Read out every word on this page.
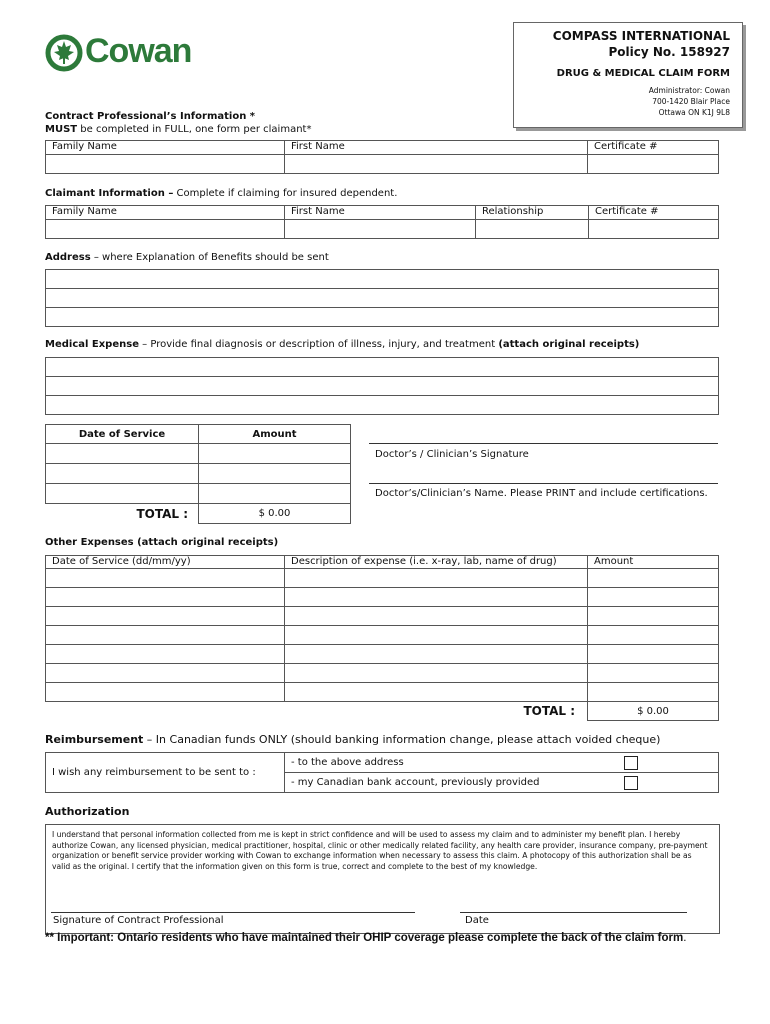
Cowan	COMPASS INTERNATIONAL
Policy No. 158927
DRUG & MEDICAL CLAIM FORM
Administrator: Cowan
700-1420 Blair Place
Ottawa ON K1J 9L8
Contract Professional’s Information *
MUST be completed in FULL, one form per claimant*
Family Name	First Name	Certificate #

Claimant Information – Complete if claiming for insured dependent.
Family Name	First Name	Relationship	Certificate #

Address – where Explanation of Benefits should be sent

Medical Expense – Provide final diagnosis or description of illness, injury, and treatment (attach original receipts)

Date of Service	Amount

TOTAL :	$ 0.00
Doctor’s / Clinician’s Signature
Doctor’s/Clinician’s Name. Please PRINT and include certifications.
Other Expenses (attach original receipts)
Date of Service (dd/mm/yy)	Description of expense (i.e. x-ray, lab, name of drug)	Amount

	TOTAL :	$ 0.00
Reimbursement – In Canadian funds ONLY (should banking information change, please attach voided cheque)
I wish any reimbursement to be sent to :	- to the above address

- my Canadian bank account, previously provided
Authorization
I understand that personal information collected from me is kept in strict confidence and will be used to assess my claim and to administer my benefit plan. I hereby authorize Cowan, any licensed physician, medical practitioner, hospital, clinic or other medically related facility, any health care provider, insurance company, pre-payment organization or benefit service provider working with Cowan to exchange information when necessary to assess this claim. A photocopy of this authorization shall be as valid as the original. I certify that the information given on this form is true, correct and complete to the best of my knowledge.
Signature of Contract Professional	Date
** Important: Ontario residents who have maintained their OHIP coverage please complete the back of the claim form.
